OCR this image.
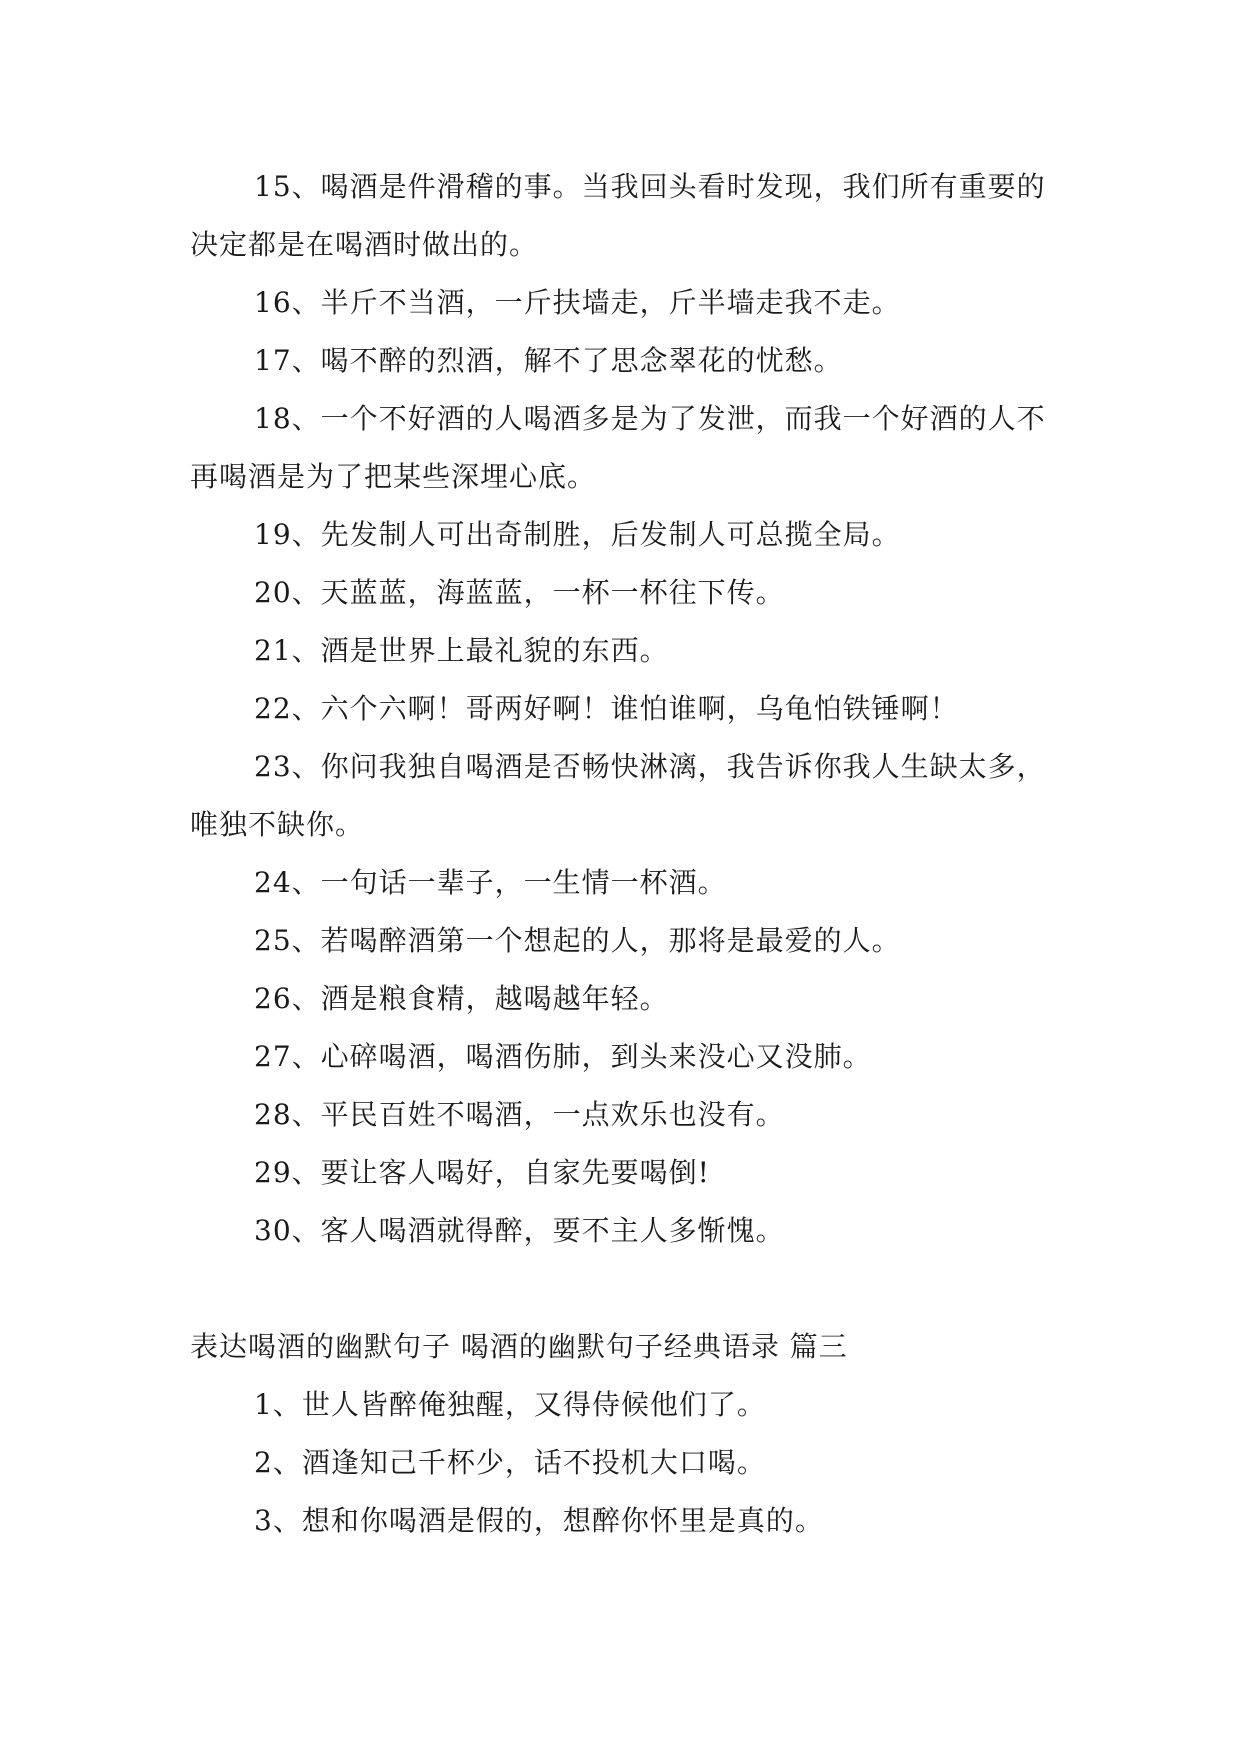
15、喝酒是件滑稽的事。当我回头看时发现，我们所有重要的决定都是在喝酒时做出的。

16、半斤不当酒，一斤扶墙走，斤半墙走我不走。

17、喝不醉的烈酒，解不了思念翠花的忧愁。

18、一个不好酒的人喝酒多是为了发泄，而我一个好酒的人不再喝酒是为了把某些深埋心底。

19、先发制人可出奇制胜，后发制人可总揽全局。

20、天蓝蓝，海蓝蓝，一杯一杯往下传。

21、酒是世界上最礼貌的东西。

22、六个六啊！哥两好啊！谁怕谁啊，乌龟怕铁锤啊！

23、你问我独自喝酒是否畅快淋漓，我告诉你我人生缺太多，唯独不缺你。

24、一句话一辈子，一生情一杯酒。

25、若喝醉酒第一个想起的人，那将是最爱的人。

26、酒是粮食精，越喝越年轻。

27、心碎喝酒，喝酒伤肺，到头来没心又没肺。

28、平民百姓不喝酒，一点欢乐也没有。

29、要让客人喝好，自家先要喝倒!

30、客人喝酒就得醉，要不主人多惭愧。

表达喝酒的幽默句子 喝酒的幽默句子经典语录 篇三

1、世人皆醉俺独醒，又得侍候他们了。

2、酒逢知己千杯少，话不投机大口喝。

3、想和你喝酒是假的，想醉你怀里是真的。
